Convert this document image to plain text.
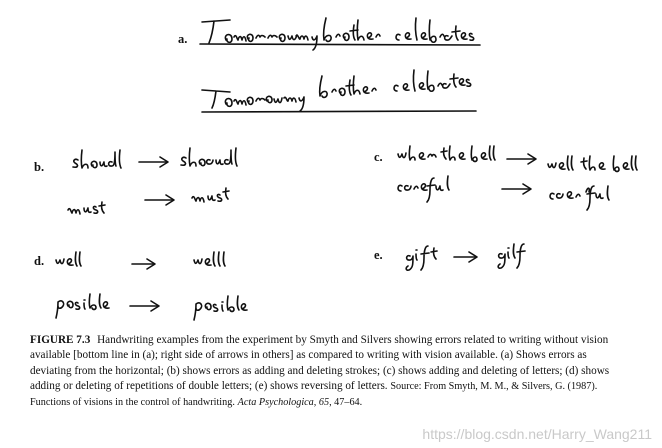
a.
b.
c.
d.	e.
FIGURE 7.3 Handwriting examples from the experiment by Smyth and Silvers showing errors related to writing without vision available [bottom line in (a); right side of arrows in others] as compared to writing with vision available. (a) Shows errors as deviating from the horizontal; (b) shows errors as adding and deleting strokes; (c) shows adding and deleting of letters; (d) shows adding or deleting of repetitions of double letters; (e) shows reversing of letters. Source: From Smyth, M. M., & Silvers, G. (1987). Functions of visions in the control of handwriting. Acta Psychologica, 65, 47–64.
https://blog.csdn.net/Harry_Wang211
